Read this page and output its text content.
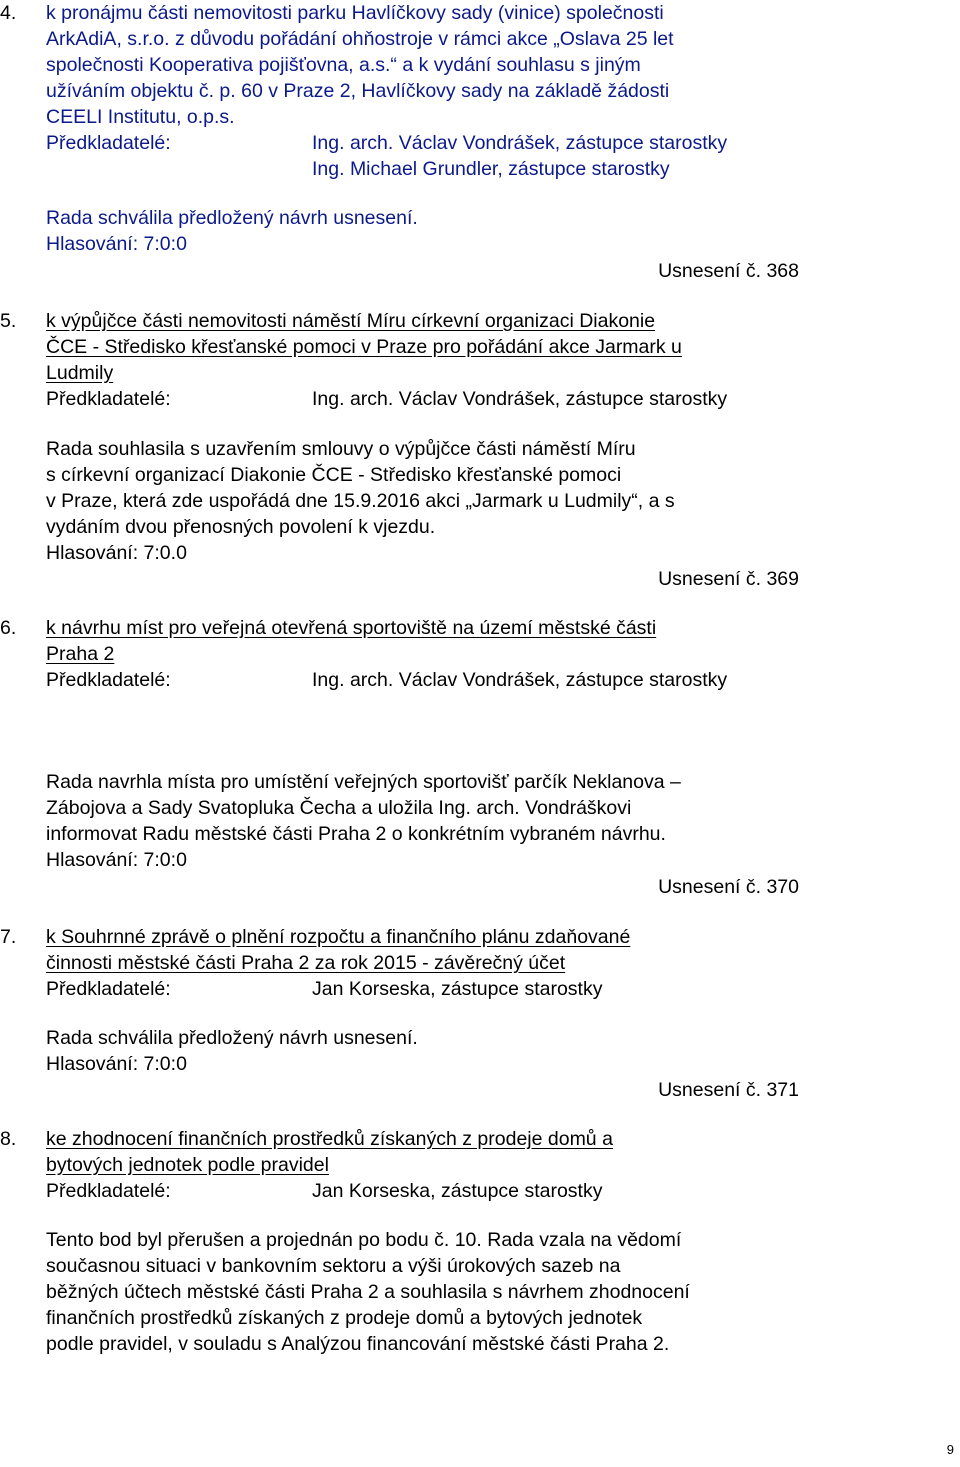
4. k pronájmu části nemovitosti parku Havlíčkovy sady (vinice) společnosti
ArkAdiA, s.r.o. z důvodu pořádání ohňostroje v rámci akce „Oslava 25 let
společnosti Kooperativa pojišťovna, a.s.“ a k vydání souhlasu s jiným
užíváním objektu č. p. 60 v Praze 2, Havlíčkovy sady na základě žádosti
CEELI Institutu, o.p.s.
Předkladatelé:	Ing. arch. Václav Vondrášek, zástupce starostky
Ing. Michael Grundler, zástupce starostky
Rada schválila předložený návrh usnesení.
Hlasování: 7:0:0
Usnesení č. 368
5. k výpůjčce části nemovitosti náměstí Míru církevní organizaci Diakonie
ČCE - Středisko křesťanské pomoci v Praze pro pořádání akce Jarmark u
Ludmily
Předkladatelé:	Ing. arch. Václav Vondrášek, zástupce starostky
Rada souhlasila s uzavřením smlouvy o výpůjčce části náměstí Míru
s církevní organizací Diakonie ČCE - Středisko křesťanské pomoci
v Praze, která zde uspořádá dne 15.9.2016 akci „Jarmark u Ludmily“, a s
vydáním dvou přenosných povolení k vjezdu.
Hlasování: 7:0.0
Usnesení č. 369
6. k návrhu míst pro veřejná otevřená sportoviště na území městské části
Praha 2
Předkladatelé:	Ing. arch. Václav Vondrášek, zástupce starostky
Rada navrhla místa pro umístění veřejných sportovišť parčík Neklanova –
Zábojova a Sady Svatopluka Čecha a uložila Ing. arch. Vondráškovi
informovat Radu městské části Praha 2 o konkrétním vybraném návrhu.
Hlasování: 7:0:0
Usnesení č. 370
7. k Souhrnné zprávě o plnění rozpočtu a finančního plánu zdaňované
činnosti městské části Praha 2 za rok 2015 - závěrečný účet
Předkladatelé:	Jan Korseska, zástupce starostky
Rada schválila předložený návrh usnesení.
Hlasování: 7:0:0
Usnesení č. 371
8. ke zhodnocení finančních prostředků získaných z prodeje domů a
bytových jednotek podle pravidel
Předkladatelé:	Jan Korseska, zástupce starostky
Tento bod byl přerušen a projednán po bodu č. 10. Rada vzala na vědomí
současnou situaci v bankovním sektoru a výši úrokových sazeb na
běžných účtech městské části Praha 2 a souhlasila s návrhem zhodnocení
finančních prostředků získaných z prodeje domů a bytových jednotek
podle pravidel, v souladu s Analýzou financování městské části Praha 2.
9
